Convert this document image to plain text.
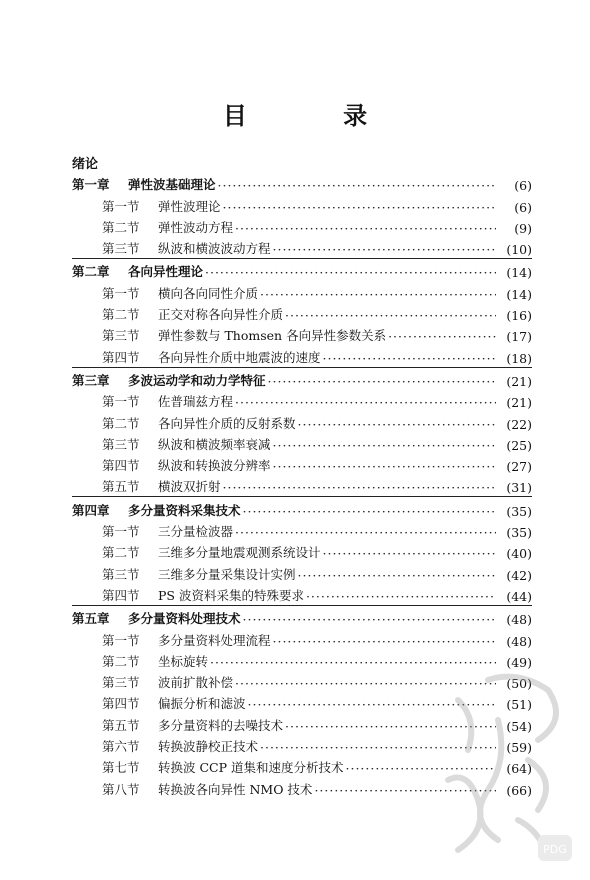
目 录
绪论
第一章	弹性波基础理论 ·····	(6)
第一节	弹性波理论 ·····	(6)
第二节	弹性波动方程 ·····	(9)
第三节	纵波和横波波动方程 ·····	(10)
第二章	各向异性理论 ·····	(14)
第一节	横向各向同性介质 ·····	(14)
第二节	正交对称各向异性介质 ·····	(16)
第三节	弹性参数与 Thomsen 各向异性参数关系 ·····	(17)
第四节	各向异性介质中地震波的速度 ·····	(18)
第三章	多波运动学和动力学特征 ·····	(21)
第一节	佐普瑞兹方程 ·····	(21)
第二节	各向异性介质的反射系数 ·····	(22)
第三节	纵波和横波频率衰减 ·····	(25)
第四节	纵波和转换波分辨率 ·····	(27)
第五节	横波双折射 ·····	(31)
第四章	多分量资料采集技术 ·····	(35)
第一节	三分量检波器 ·····	(35)
第二节	三维多分量地震观测系统设计 ·····	(40)
第三节	三维多分量采集设计实例 ·····	(42)
第四节	PS 波资料采集的特殊要求 ·····	(44)
第五章	多分量资料处理技术 ·····	(48)
第一节	多分量资料处理流程 ·····	(48)
第二节	坐标旋转 ·····	(49)
第三节	波前扩散补偿 ·····	(50)
第四节	偏振分析和滤波 ·····	(51)
第五节	多分量资料的去噪技术 ·····	(54)
第六节	转换波静校正技术 ·····	(59)
第七节	转换波 CCP 道集和速度分析技术 ·····	(64)
第八节	转换波各向异性 NMO 技术 ·····	(66)
PDG
